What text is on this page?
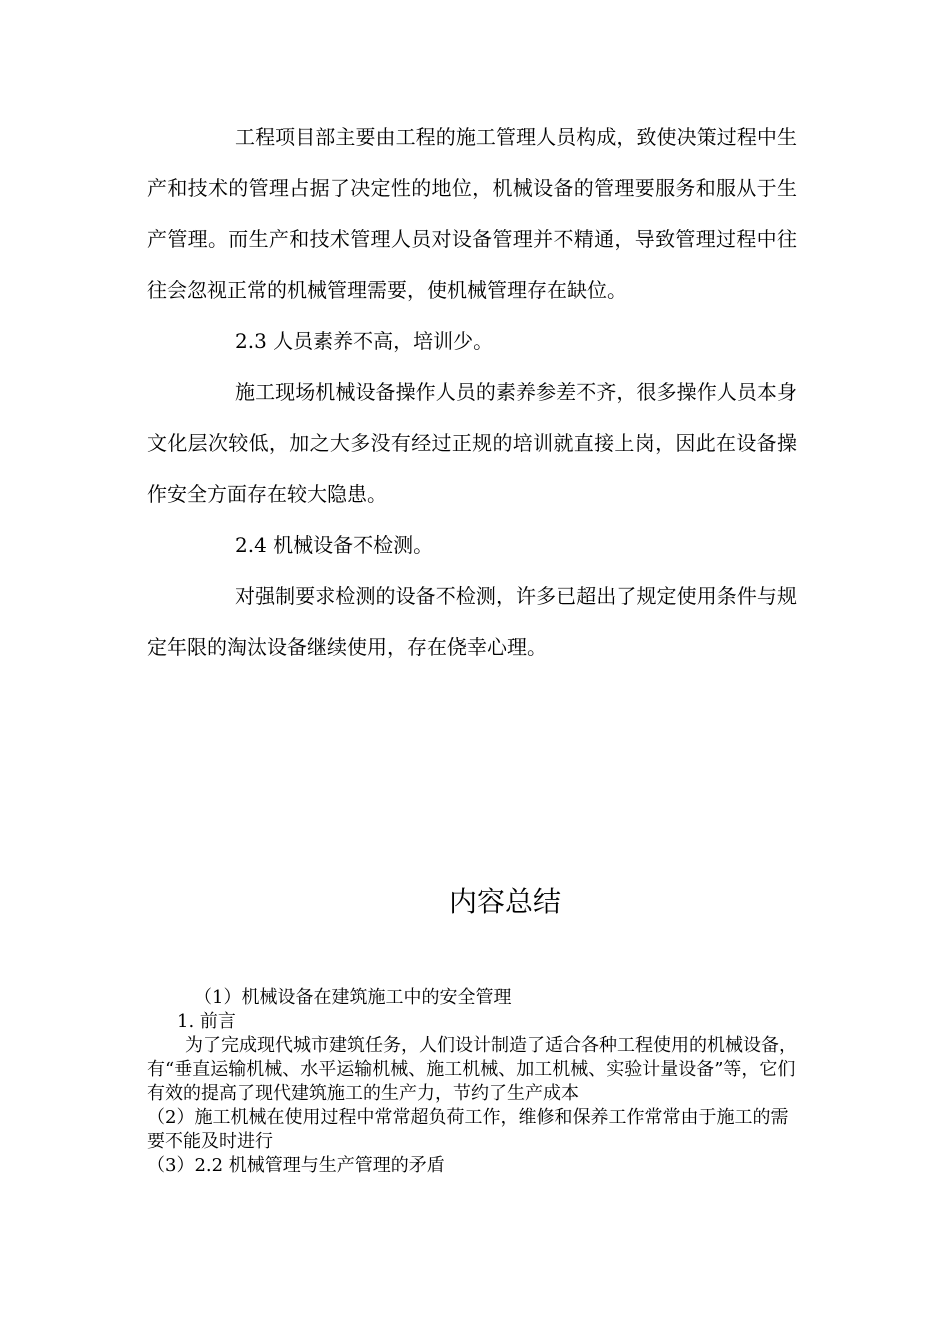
工程项目部主要由工程的施工管理人员构成，致使决策过程中生产和技术的管理占据了决定性的地位，机械设备的管理要服务和服从于生产管理。而生产和技术管理人员对设备管理并不精通，导致管理过程中往往会忽视正常的机械管理需要，使机械管理存在缺位。

2.3 人员素养不高，培训少。

施工现场机械设备操作人员的素养参差不齐，很多操作人员本身文化层次较低，加之大多没有经过正规的培训就直接上岗，因此在设备操作安全方面存在较大隐患。

2.4 机械设备不检测。

对强制要求检测的设备不检测，许多已超出了规定使用条件与规定年限的淘汰设备继续使用，存在侥幸心理。

内容总结
（1）机械设备在建筑施工中的安全管理
1. 前言
为了完成现代城市建筑任务，人们设计制造了适合各种工程使用的机械设备，有“垂直运输机械、水平运输机械、施工机械、加工机械、实验计量设备”等，它们有效的提高了现代建筑施工的生产力，节约了生产成本
（2）施工机械在使用过程中常常超负荷工作，维修和保养工作常常由于施工的需要不能及时进行
（3）2.2 机械管理与生产管理的矛盾
